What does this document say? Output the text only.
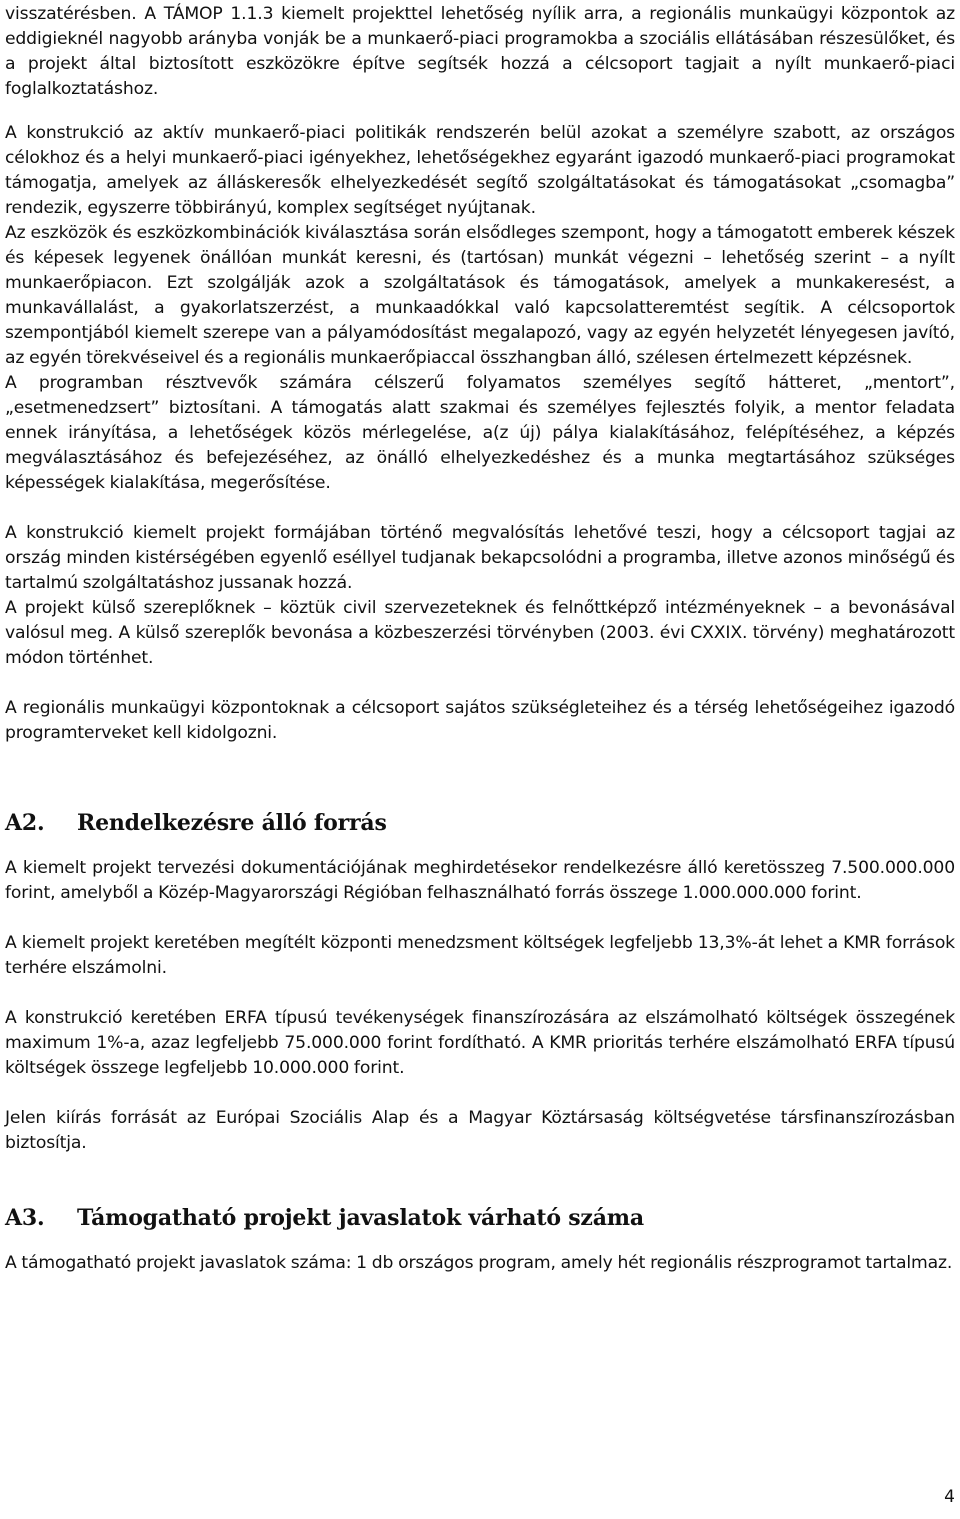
visszatérésben. A TÁMOP 1.1.3 kiemelt projekttel lehetőség nyílik arra, a regionális munkaügyi központok az eddigieknél nagyobb arányba vonják be a munkaerő-piaci programokba a szociális ellátásában részesülőket, és a projekt által biztosított eszközökre építve segítsék hozzá a célcsoport tagjait a nyílt munkaerő-piaci foglalkoztatáshoz.

A konstrukció az aktív munkaerő-piaci politikák rendszerén belül azokat a személyre szabott, az országos célokhoz és a helyi munkaerő-piaci igényekhez, lehetőségekhez egyaránt igazodó munkaerő-piaci programokat támogatja, amelyek az álláskeresők elhelyezkedését segítő szolgáltatásokat és támogatásokat „csomagba” rendezik, egyszerre többirányú, komplex segítséget nyújtanak.

Az eszközök és eszközkombinációk kiválasztása során elsődleges szempont, hogy a támogatott emberek készek és képesek legyenek önállóan munkát keresni, és (tartósan) munkát végezni – lehetőség szerint – a nyílt munkaerőpiacon. Ezt szolgálják azok a szolgáltatások és támogatások, amelyek a munkakeresést, a munkavállalást, a gyakorlatszerzést, a munkaadókkal való kapcsolatteremtést segítik. A célcsoportok szempontjából kiemelt szerepe van a pályamódosítást megalapozó, vagy az egyén helyzetét lényegesen javító, az egyén törekvéseivel és a regionális munkaerőpiaccal összhangban álló, szélesen értelmezett képzésnek.

A programban résztvevők számára célszerű folyamatos személyes segítő hátteret, „mentort”, „esetmenedzsert” biztosítani. A támogatás alatt szakmai és személyes fejlesztés folyik, a mentor feladata ennek irányítása, a lehetőségek közös mérlegelése, a(z új) pálya kialakításához, felépítéséhez, a képzés megválasztásához és befejezéséhez, az önálló elhelyezkedéshez és a munka megtartásához szükséges képességek kialakítása, megerősítése.

A konstrukció kiemelt projekt formájában történő megvalósítás lehetővé teszi, hogy a célcsoport tagjai az ország minden kistérségében egyenlő eséllyel tudjanak bekapcsolódni a programba, illetve azonos minőségű és tartalmú szolgáltatáshoz jussanak hozzá.

A projekt külső szereplőknek – köztük civil szervezeteknek és felnőttképző intézményeknek – a bevonásával valósul meg. A külső szereplők bevonása a közbeszerzési törvényben (2003. évi CXXIX. törvény) meghatározott módon történhet.

A regionális munkaügyi központoknak a célcsoport sajátos szükségleteihez és a térség lehetőségeihez igazodó programterveket kell kidolgozni.

A2.	Rendelkezésre álló forrás

A kiemelt projekt tervezési dokumentációjának meghirdetésekor rendelkezésre álló keretösszeg 7.500.000.000 forint, amelyből a Közép-Magyarországi Régióban felhasználható forrás összege 1.000.000.000 forint.

A kiemelt projekt keretében megítélt központi menedzsment költségek legfeljebb 13,3%-át lehet a KMR források terhére elszámolni.

A konstrukció keretében ERFA típusú tevékenységek finanszírozására az elszámolható költségek összegének maximum 1%-a, azaz legfeljebb 75.000.000 forint fordítható. A KMR prioritás terhére elszámolható ERFA típusú költségek összege legfeljebb 10.000.000 forint.

Jelen kiírás forrását az Európai Szociális Alap és a Magyar Köztársaság költségvetése társfinanszírozásban biztosítja.

A3.	Támogatható projekt javaslatok várható száma

A támogatható projekt javaslatok száma: 1 db országos program, amely hét regionális részprogramot tartalmaz.

4
